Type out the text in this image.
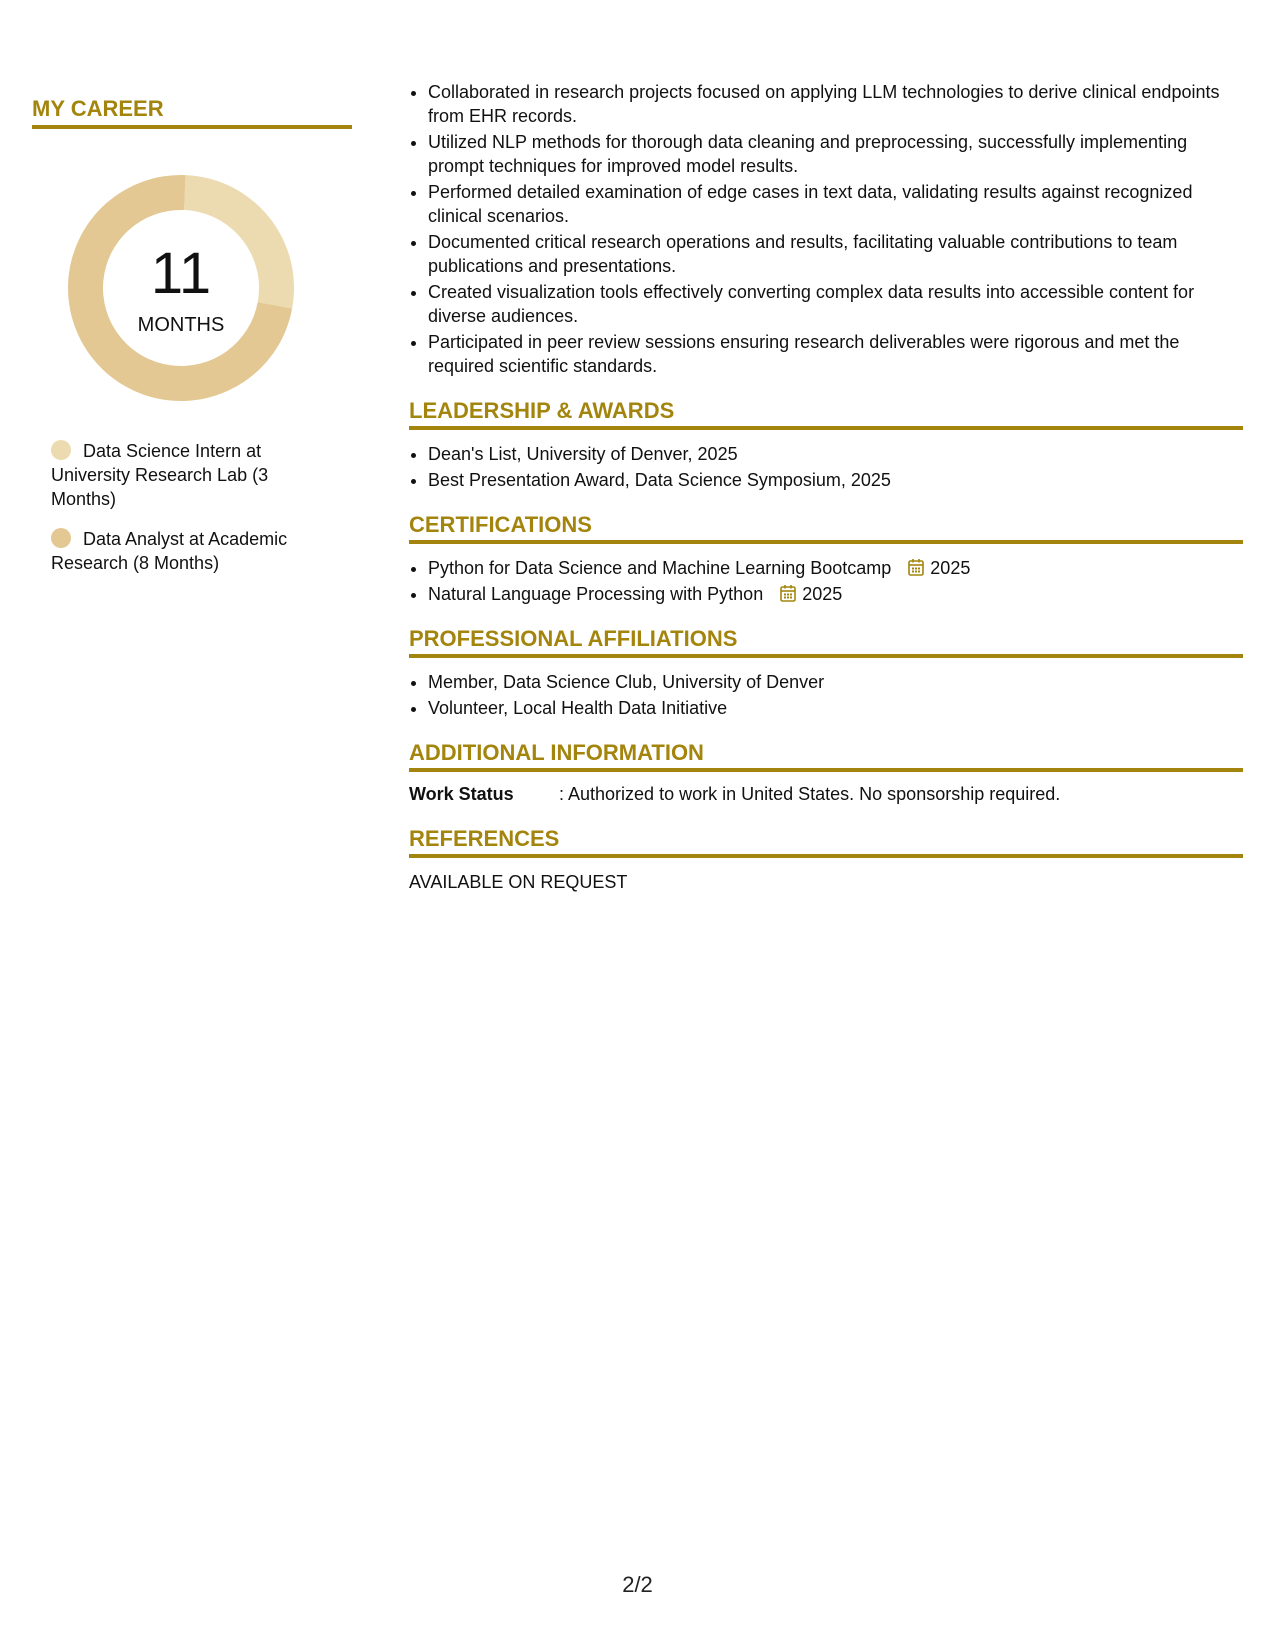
MY CAREER
11
MONTHS
Data Science Intern at University Research Lab (3 Months)
Data Analyst at Academic Research (8 Months)
• Collaborated in research projects focused on applying LLM technologies to derive clinical endpoints from EHR records.
• Utilized NLP methods for thorough data cleaning and preprocessing, successfully implementing prompt techniques for improved model results.
• Performed detailed examination of edge cases in text data, validating results against recognized clinical scenarios.
• Documented critical research operations and results, facilitating valuable contributions to team publications and presentations.
• Created visualization tools effectively converting complex data results into accessible content for diverse audiences.
• Participated in peer review sessions ensuring research deliverables were rigorous and met the required scientific standards.
LEADERSHIP & AWARDS
• Dean's List, University of Denver, 2025
• Best Presentation Award, Data Science Symposium, 2025
CERTIFICATIONS
• Python for Data Science and Machine Learning Bootcamp 2025
• Natural Language Processing with Python 2025
PROFESSIONAL AFFILIATIONS
• Member, Data Science Club, University of Denver
• Volunteer, Local Health Data Initiative
ADDITIONAL INFORMATION
Work Status	: Authorized to work in United States. No sponsorship required.
REFERENCES
AVAILABLE ON REQUEST
2/2
